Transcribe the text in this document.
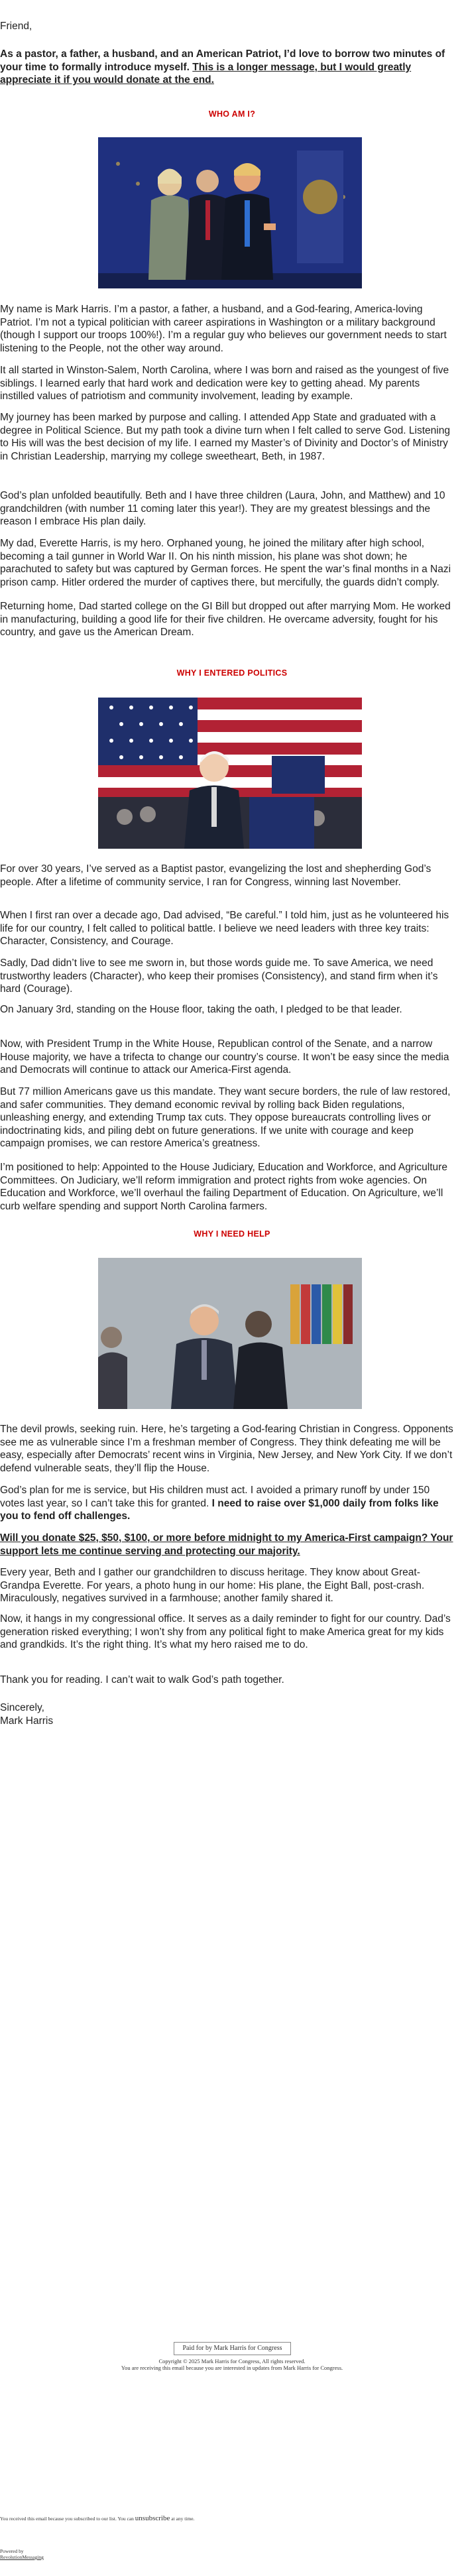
Friend,

As a pastor, a father, a husband, and an American Patriot, I’d love to borrow two minutes of your time to formally introduce myself. This is a longer message, but I would greatly appreciate it if you would donate at the end.

WHO AM I?

My name is Mark Harris. I’m a pastor, a father, a husband, and a God-fearing, America-loving Patriot. I’m not a typical politician with career aspirations in Washington or a military background (though I support our troops 100%!). I’m a regular guy who believes our government needs to start listening to the People, not the other way around.

It all started in Winston-Salem, North Carolina, where I was born and raised as the youngest of five siblings. I learned early that hard work and dedication were key to getting ahead. My parents instilled values of patriotism and community involvement, leading by example.

My journey has been marked by purpose and calling. I attended App State and graduated with a degree in Political Science. But my path took a divine turn when I felt called to serve God. Listening to His will was the best decision of my life. I earned my Master’s of Divinity and Doctor’s of Ministry in Christian Leadership, marrying my college sweetheart, Beth, in 1987.

God’s plan unfolded beautifully. Beth and I have three children (Laura, John, and Matthew) and 10 grandchildren (with number 11 coming later this year!). They are my greatest blessings and the reason I embrace His plan daily.

My dad, Everette Harris, is my hero. Orphaned young, he joined the military after high school, becoming a tail gunner in World War II. On his ninth mission, his plane was shot down; he parachuted to safety but was captured by German forces. He spent the war’s final months in a Nazi prison camp. Hitler ordered the murder of captives there, but mercifully, the guards didn’t comply.

Returning home, Dad started college on the GI Bill but dropped out after marrying Mom. He worked in manufacturing, building a good life for their five children. He overcame adversity, fought for his country, and gave us the American Dream.

WHY I ENTERED POLITICS

For over 30 years, I’ve served as a Baptist pastor, evangelizing the lost and shepherding God’s people. After a lifetime of community service, I ran for Congress, winning last November.

When I first ran over a decade ago, Dad advised, “Be careful.” I told him, just as he volunteered his life for our country, I felt called to political battle. I believe we need leaders with three key traits: Character, Consistency, and Courage.

Sadly, Dad didn’t live to see me sworn in, but those words guide me. To save America, we need trustworthy leaders (Character), who keep their promises (Consistency), and stand firm when it’s hard (Courage).

On January 3rd, standing on the House floor, taking the oath, I pledged to be that leader.

Now, with President Trump in the White House, Republican control of the Senate, and a narrow House majority, we have a trifecta to change our country’s course. It won’t be easy since the media and Democrats will continue to attack our America-First agenda.

But 77 million Americans gave us this mandate. They want secure borders, the rule of law restored, and safer communities. They demand economic revival by rolling back Biden regulations, unleashing energy, and extending Trump tax cuts. They oppose bureaucrats controlling lives or indoctrinating kids, and piling debt on future generations. If we unite with courage and keep campaign promises, we can restore America’s greatness.

I’m positioned to help: Appointed to the House Judiciary, Education and Workforce, and Agriculture Committees. On Judiciary, we’ll reform immigration and protect rights from woke agencies. On Education and Workforce, we’ll overhaul the failing Department of Education. On Agriculture, we’ll curb welfare spending and support North Carolina farmers.

WHY I NEED HELP

The devil prowls, seeking ruin. Here, he’s targeting a God-fearing Christian in Congress. Opponents see me as vulnerable since I’m a freshman member of Congress. They think defeating me will be easy, especially after Democrats’ recent wins in Virginia, New Jersey, and New York City. If we don’t defend vulnerable seats, they’ll flip the House.

God’s plan for me is service, but His children must act. I avoided a primary runoff by under 150 votes last year, so I can’t take this for granted. I need to raise over $1,000 daily from folks like you to fend off challenges.

Will you donate $25, $50, $100, or more before midnight to my America-First campaign? Your support lets me continue serving and protecting our majority.

Every year, Beth and I gather our grandchildren to discuss heritage. They know about Great-Grandpa Everette. For years, a photo hung in our home: His plane, the Eight Ball, post-crash. Miraculously, negatives survived in a farmhouse; another family shared it.

Now, it hangs in my congressional office. It serves as a daily reminder to fight for our country. Dad’s generation risked everything; I won’t shy from any political fight to make America great for my kids and grandkids. It’s the right thing. It’s what my hero raised me to do.

Thank you for reading. I can’t wait to walk God’s path together.

Sincerely,

Mark Harris

Paid for by Mark Harris for Congress

Copyright © 2025 Mark Harris for Congress, All rights reserved.

You are receiving this email because you are interested in updates from Mark Harris for Congress.

You received this email because you subscribed to our list. You can unsubscribe at any time.

Powered by
RevolutionMessaging
